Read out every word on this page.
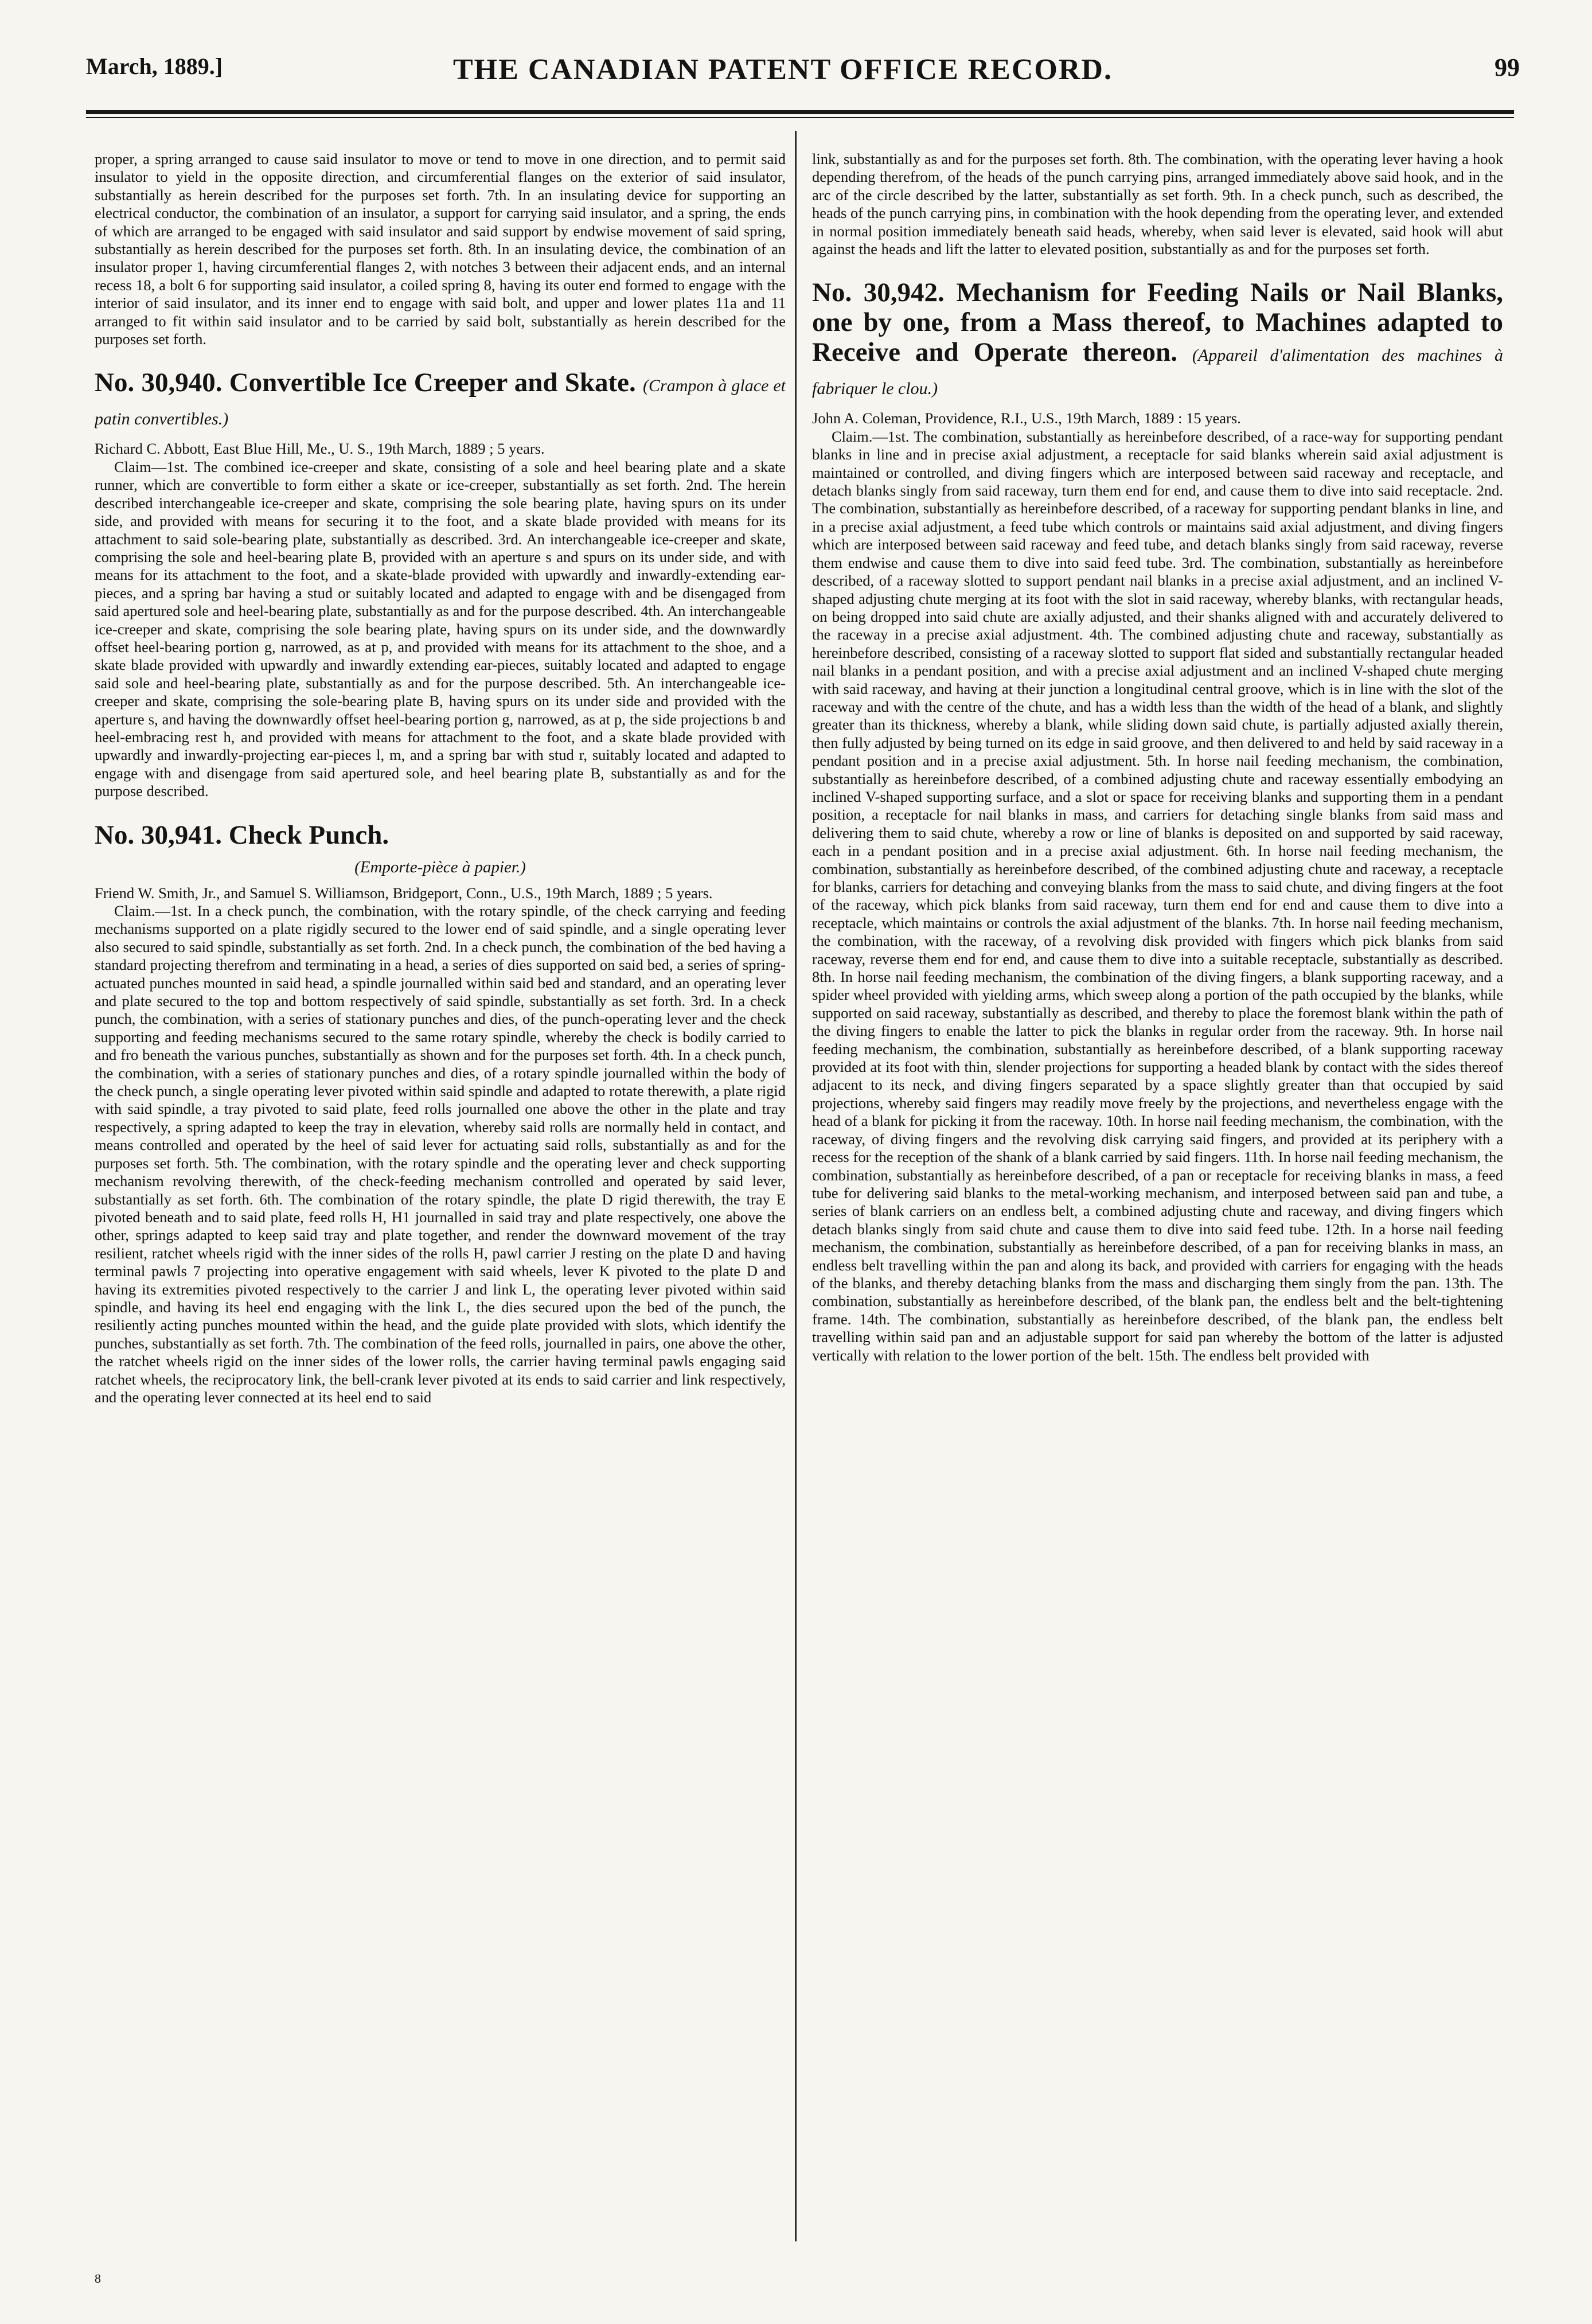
March, 1889.]	THE CANADIAN PATENT OFFICE RECORD.	99

proper, a spring arranged to cause said insulator to move or tend to move in one direction, and to permit said insulator to yield in the opposite direction, and circumferential flanges on the exterior of said insulator, substantially as herein described for the purposes set forth. 7th. In an insulating device for supporting an electrical conductor, the combination of an insulator, a support for carrying said insulator, and a spring, the ends of which are arranged to be engaged with said insulator and said support by endwise movement of said spring, substantially as herein described for the purposes set forth. 8th. In an insulating device, the combination of an insulator proper 1, having circumferential flanges 2, with notches 3 between their adjacent ends, and an internal recess 18, a bolt 6 for supporting said insulator, a coiled spring 8, having its outer end formed to engage with the interior of said insulator, and its inner end to engage with said bolt, and upper and lower plates 11a and 11 arranged to fit within said insulator and to be carried by said bolt, substantially as herein described for the purposes set forth.

No. 30,940. Convertible Ice Creeper and Skate. (Crampon à glace et patin convertibles.)

Richard C. Abbott, East Blue Hill, Me., U. S., 19th March, 1889 ; 5 years.

Claim—1st. The combined ice-creeper and skate, consisting of a sole and heel bearing plate and a skate runner, which are convertible to form either a skate or ice-creeper, substantially as set forth. 2nd. The herein described interchangeable ice-creeper and skate, comprising the sole bearing plate, having spurs on its under side, and provided with means for securing it to the foot, and a skate blade provided with means for its attachment to said sole-bearing plate, substantially as described. 3rd. An interchangeable ice-creeper and skate, comprising the sole and heel-bearing plate B, provided with an aperture s and spurs on its under side, and with means for its attachment to the foot, and a skate-blade provided with upwardly and inwardly-extending ear-pieces, and a spring bar having a stud or suitably located and adapted to engage with and be disengaged from said apertured sole and heel-bearing plate, substantially as and for the purpose described. 4th. An interchangeable ice-creeper and skate, comprising the sole bearing plate, having spurs on its under side, and the downwardly offset heel-bearing portion g, narrowed, as at p, and provided with means for its attachment to the shoe, and a skate blade provided with upwardly and inwardly extending ear-pieces, suitably located and adapted to engage said sole and heel-bearing plate, substantially as and for the purpose described. 5th. An interchangeable ice-creeper and skate, comprising the sole-bearing plate B, having spurs on its under side and provided with the aperture s, and having the downwardly offset heel-bearing portion g, narrowed, as at p, the side projections b and heel-embracing rest h, and provided with means for attachment to the foot, and a skate blade provided with upwardly and inwardly-projecting ear-pieces l, m, and a spring bar with stud r, suitably located and adapted to engage with and disengage from said apertured sole, and heel bearing plate B, substantially as and for the purpose described.

No. 30,941. Check Punch.
(Emporte-pièce à papier.)

Friend W. Smith, Jr., and Samuel S. Williamson, Bridgeport, Conn., U.S., 19th March, 1889 ; 5 years.

Claim.—1st. In a check punch, the combination, with the rotary spindle, of the check carrying and feeding mechanisms supported on a plate rigidly secured to the lower end of said spindle, and a single operating lever also secured to said spindle, substantially as set forth. 2nd. In a check punch, the combination of the bed having a standard projecting therefrom and terminating in a head, a series of dies supported on said bed, a series of spring-actuated punches mounted in said head, a spindle journalled within said bed and standard, and an operating lever and plate secured to the top and bottom respectively of said spindle, substantially as set forth. 3rd. In a check punch, the combination, with a series of stationary punches and dies, of the punch-operating lever and the check supporting and feeding mechanisms secured to the same rotary spindle, whereby the check is bodily carried to and fro beneath the various punches, substantially as shown and for the purposes set forth. 4th. In a check punch, the combination, with a series of stationary punches and dies, of a rotary spindle journalled within the body of the check punch, a single operating lever pivoted within said spindle and adapted to rotate therewith, a plate rigid with said spindle, a tray pivoted to said plate, feed rolls journalled one above the other in the plate and tray respectively, a spring adapted to keep the tray in elevation, whereby said rolls are normally held in contact, and means controlled and operated by the heel of said lever for actuating said rolls, substantially as and for the purposes set forth. 5th. The combination, with the rotary spindle and the operating lever and check supporting mechanism revolving therewith, of the check-feeding mechanism controlled and operated by said lever, substantially as set forth. 6th. The combination of the rotary spindle, the plate D rigid therewith, the tray E pivoted beneath and to said plate, feed rolls H, H1 journalled in said tray and plate respectively, one above the other, springs adapted to keep said tray and plate together, and render the downward movement of the tray resilient, ratchet wheels rigid with the inner sides of the rolls H, pawl carrier J resting on the plate D and having terminal pawls 7 projecting into operative engagement with said wheels, lever K pivoted to the plate D and having its extremities pivoted respectively to the carrier J and link L, the operating lever pivoted within said spindle, and having its heel end engaging with the link L, the dies secured upon the bed of the punch, the resiliently acting punches mounted within the head, and the guide plate provided with slots, which identify the punches, substantially as set forth. 7th. The combination of the feed rolls, journalled in pairs, one above the other, the ratchet wheels rigid on the inner sides of the lower rolls, the carrier having terminal pawls engaging said ratchet wheels, the reciprocatory link, the bell-crank lever pivoted at its ends to said carrier and link respectively, and the operating lever connected at its heel end to said

8

link, substantially as and for the purposes set forth. 8th. The combination, with the operating lever having a hook depending therefrom, of the heads of the punch carrying pins, arranged immediately above said hook, and in the arc of the circle described by the latter, substantially as set forth. 9th. In a check punch, such as described, the heads of the punch carrying pins, in combination with the hook depending from the operating lever, and extended in normal position immediately beneath said heads, whereby, when said lever is elevated, said hook will abut against the heads and lift the latter to elevated position, substantially as and for the purposes set forth.

No. 30,942. Mechanism for Feeding Nails or Nail Blanks, one by one, from a Mass thereof, to Machines adapted to Receive and Operate thereon. (Appareil d'alimentation des machines à fabriquer le clou.)

John A. Coleman, Providence, R.I., U.S., 19th March, 1889 : 15 years.

Claim.—1st. The combination, substantially as hereinbefore described, of a race-way for supporting pendant blanks in line and in precise axial adjustment, a receptacle for said blanks wherein said axial adjustment is maintained or controlled, and diving fingers which are interposed between said raceway and receptacle, and detach blanks singly from said raceway, turn them end for end, and cause them to dive into said receptacle. 2nd. The combination, substantially as hereinbefore described, of a raceway for supporting pendant blanks in line, and in a precise axial adjustment, a feed tube which controls or maintains said axial adjustment, and diving fingers which are interposed between said raceway and feed tube, and detach blanks singly from said raceway, reverse them endwise and cause them to dive into said feed tube. 3rd. The combination, substantially as hereinbefore described, of a raceway slotted to support pendant nail blanks in a precise axial adjustment, and an inclined V-shaped adjusting chute merging at its foot with the slot in said raceway, whereby blanks, with rectangular heads, on being dropped into said chute are axially adjusted, and their shanks aligned with and accurately delivered to the raceway in a precise axial adjustment. 4th. The combined adjusting chute and raceway, substantially as hereinbefore described, consisting of a raceway slotted to support flat sided and substantially rectangular headed nail blanks in a pendant position, and with a precise axial adjustment and an inclined V-shaped chute merging with said raceway, and having at their junction a longitudinal central groove, which is in line with the slot of the raceway and with the centre of the chute, and has a width less than the width of the head of a blank, and slightly greater than its thickness, whereby a blank, while sliding down said chute, is partially adjusted axially therein, then fully adjusted by being turned on its edge in said groove, and then delivered to and held by said raceway in a pendant position and in a precise axial adjustment. 5th. In horse nail feeding mechanism, the combination, substantially as hereinbefore described, of a combined adjusting chute and raceway essentially embodying an inclined V-shaped supporting surface, and a slot or space for receiving blanks and supporting them in a pendant position, a receptacle for nail blanks in mass, and carriers for detaching single blanks from said mass and delivering them to said chute, whereby a row or line of blanks is deposited on and supported by said raceway, each in a pendant position and in a precise axial adjustment. 6th. In horse nail feeding mechanism, the combination, substantially as hereinbefore described, of the combined adjusting chute and raceway, a receptacle for blanks, carriers for detaching and conveying blanks from the mass to said chute, and diving fingers at the foot of the raceway, which pick blanks from said raceway, turn them end for end and cause them to dive into a receptacle, which maintains or controls the axial adjustment of the blanks. 7th. In horse nail feeding mechanism, the combination, with the raceway, of a revolving disk provided with fingers which pick blanks from said raceway, reverse them end for end, and cause them to dive into a suitable receptacle, substantially as described. 8th. In horse nail feeding mechanism, the combination of the diving fingers, a blank supporting raceway, and a spider wheel provided with yielding arms, which sweep along a portion of the path occupied by the blanks, while supported on said raceway, substantially as described, and thereby to place the foremost blank within the path of the diving fingers to enable the latter to pick the blanks in regular order from the raceway. 9th. In horse nail feeding mechanism, the combination, substantially as hereinbefore described, of a blank supporting raceway provided at its foot with thin, slender projections for supporting a headed blank by contact with the sides thereof adjacent to its neck, and diving fingers separated by a space slightly greater than that occupied by said projections, whereby said fingers may readily move freely by the projections, and nevertheless engage with the head of a blank for picking it from the raceway. 10th. In horse nail feeding mechanism, the combination, with the raceway, of diving fingers and the revolving disk carrying said fingers, and provided at its periphery with a recess for the reception of the shank of a blank carried by said fingers. 11th. In horse nail feeding mechanism, the combination, substantially as hereinbefore described, of a pan or receptacle for receiving blanks in mass, a feed tube for delivering said blanks to the metal-working mechanism, and interposed between said pan and tube, a series of blank carriers on an endless belt, a combined adjusting chute and raceway, and diving fingers which detach blanks singly from said chute and cause them to dive into said feed tube. 12th. In a horse nail feeding mechanism, the combination, substantially as hereinbefore described, of a pan for receiving blanks in mass, an endless belt travelling within the pan and along its back, and provided with carriers for engaging with the heads of the blanks, and thereby detaching blanks from the mass and discharging them singly from the pan. 13th. The combination, substantially as hereinbefore described, of the blank pan, the endless belt and the belt-tightening frame. 14th. The combination, substantially as hereinbefore described, of the blank pan, the endless belt travelling within said pan and an adjustable support for said pan whereby the bottom of the latter is adjusted vertically with relation to the lower portion of the belt. 15th. The endless belt provided with
